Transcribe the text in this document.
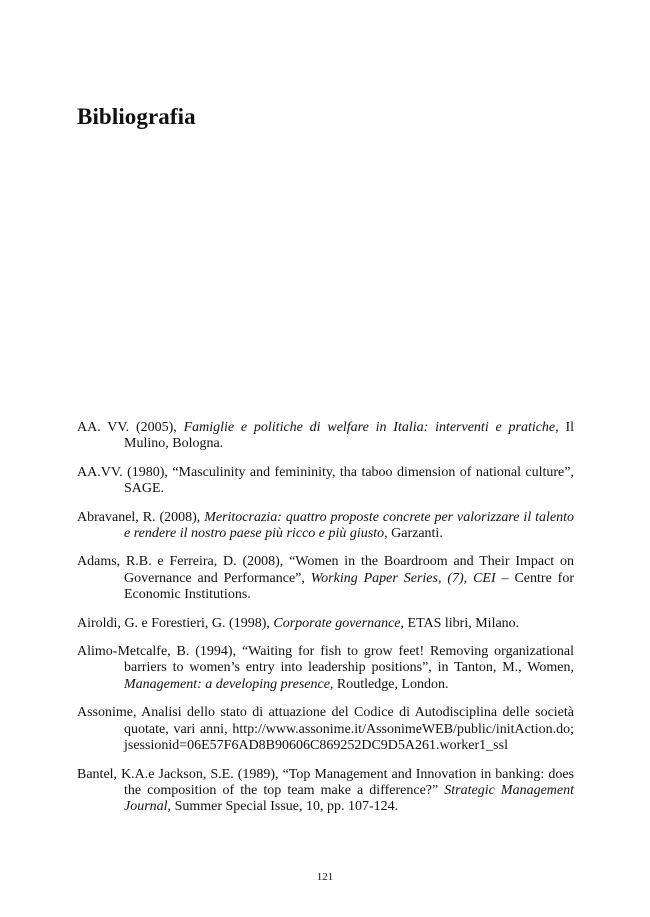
Bibliografia

AA. VV. (2005), Famiglie e politiche di welfare in Italia: interventi e pratiche, Il Mulino, Bologna.

AA.VV. (1980), “Masculinity and femininity, tha taboo dimension of national culture”, SAGE.

Abravanel, R. (2008), Meritocrazia: quattro proposte concrete per valorizzare il talento e rendere il nostro paese più ricco e più giusto, Garzanti.

Adams, R.B. e Ferreira, D. (2008), “Women in the Boardroom and Their Impact on Governance and Performance”, Working Paper Series, (7), CEI – Centre for Economic Institutions.

Airoldi, G. e Forestieri, G. (1998), Corporate governance, ETAS libri, Milano.

Alimo-Metcalfe, B. (1994), “Waiting for fish to grow feet! Removing organizational barriers to women’s entry into leadership positions”, in Tanton, M., Women, Management: a developing presence, Routledge, London.

Assonime, Analisi dello stato di attuazione del Codice di Autodisciplina delle società quotate, vari anni, http://www.assonime.it/AssonimeWEB/public/initAction.do;jsessionid=06E57F6AD8B90606C869252DC9D5A261.worker1_ssl

Bantel, K.A.e Jackson, S.E. (1989), “Top Management and Innovation in banking: does the composition of the top team make a difference?” Strategic Management Journal, Summer Special Issue, 10, pp. 107-124.

121
